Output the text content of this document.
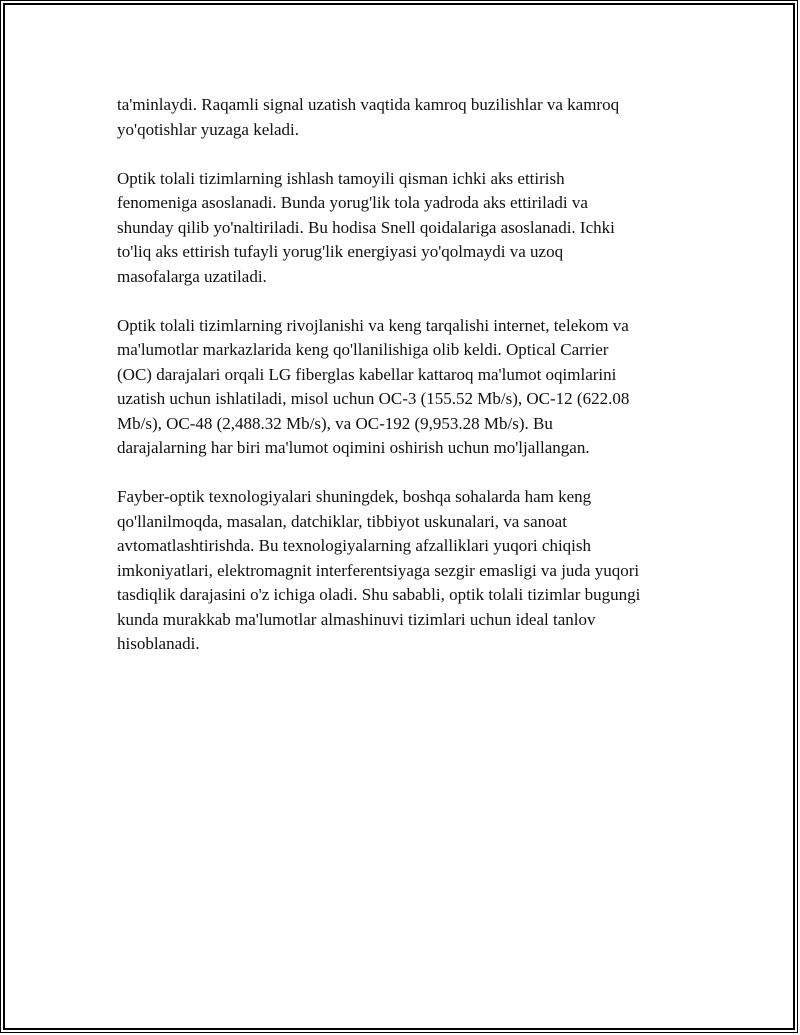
ta'minlaydi. Raqamli signal uzatish vaqtida kamroq buzilishlar va kamroq
yo'qotishlar yuzaga keladi.

Optik tolali tizimlarning ishlash tamoyili qisman ichki aks ettirish
fenomeniga asoslanadi. Bunda yorug'lik tola yadroda aks ettiriladi va
shunday qilib yo'naltiriladi. Bu hodisa Snell qoidalariga asoslanadi. Ichki
to'liq aks ettirish tufayli yorug'lik energiyasi yo'qolmaydi va uzoq
masofalarga uzatiladi.

Optik tolali tizimlarning rivojlanishi va keng tarqalishi internet, telekom va
ma'lumotlar markazlarida keng qo'llanilishiga olib keldi. Optical Carrier
(OC) darajalari orqali LG fiberglas kabellar kattaroq ma'lumot oqimlarini
uzatish uchun ishlatiladi, misol uchun OC-3 (155.52 Mb/s), OC-12 (622.08
Mb/s), OC-48 (2,488.32 Mb/s), va OC-192 (9,953.28 Mb/s). Bu
darajalarning har biri ma'lumot oqimini oshirish uchun mo'ljallangan.

Fayber-optik texnologiyalari shuningdek, boshqa sohalarda ham keng
qo'llanilmoqda, masalan, datchiklar, tibbiyot uskunalari, va sanoat
avtomatlashtirishda. Bu texnologiyalarning afzalliklari yuqori chiqish
imkoniyatlari, elektromagnit interferentsiyaga sezgir emasligi va juda yuqori
tasdiqlik darajasini o'z ichiga oladi. Shu sababli, optik tolali tizimlar bugungi
kunda murakkab ma'lumotlar almashinuvi tizimlari uchun ideal tanlov
hisoblanadi.
